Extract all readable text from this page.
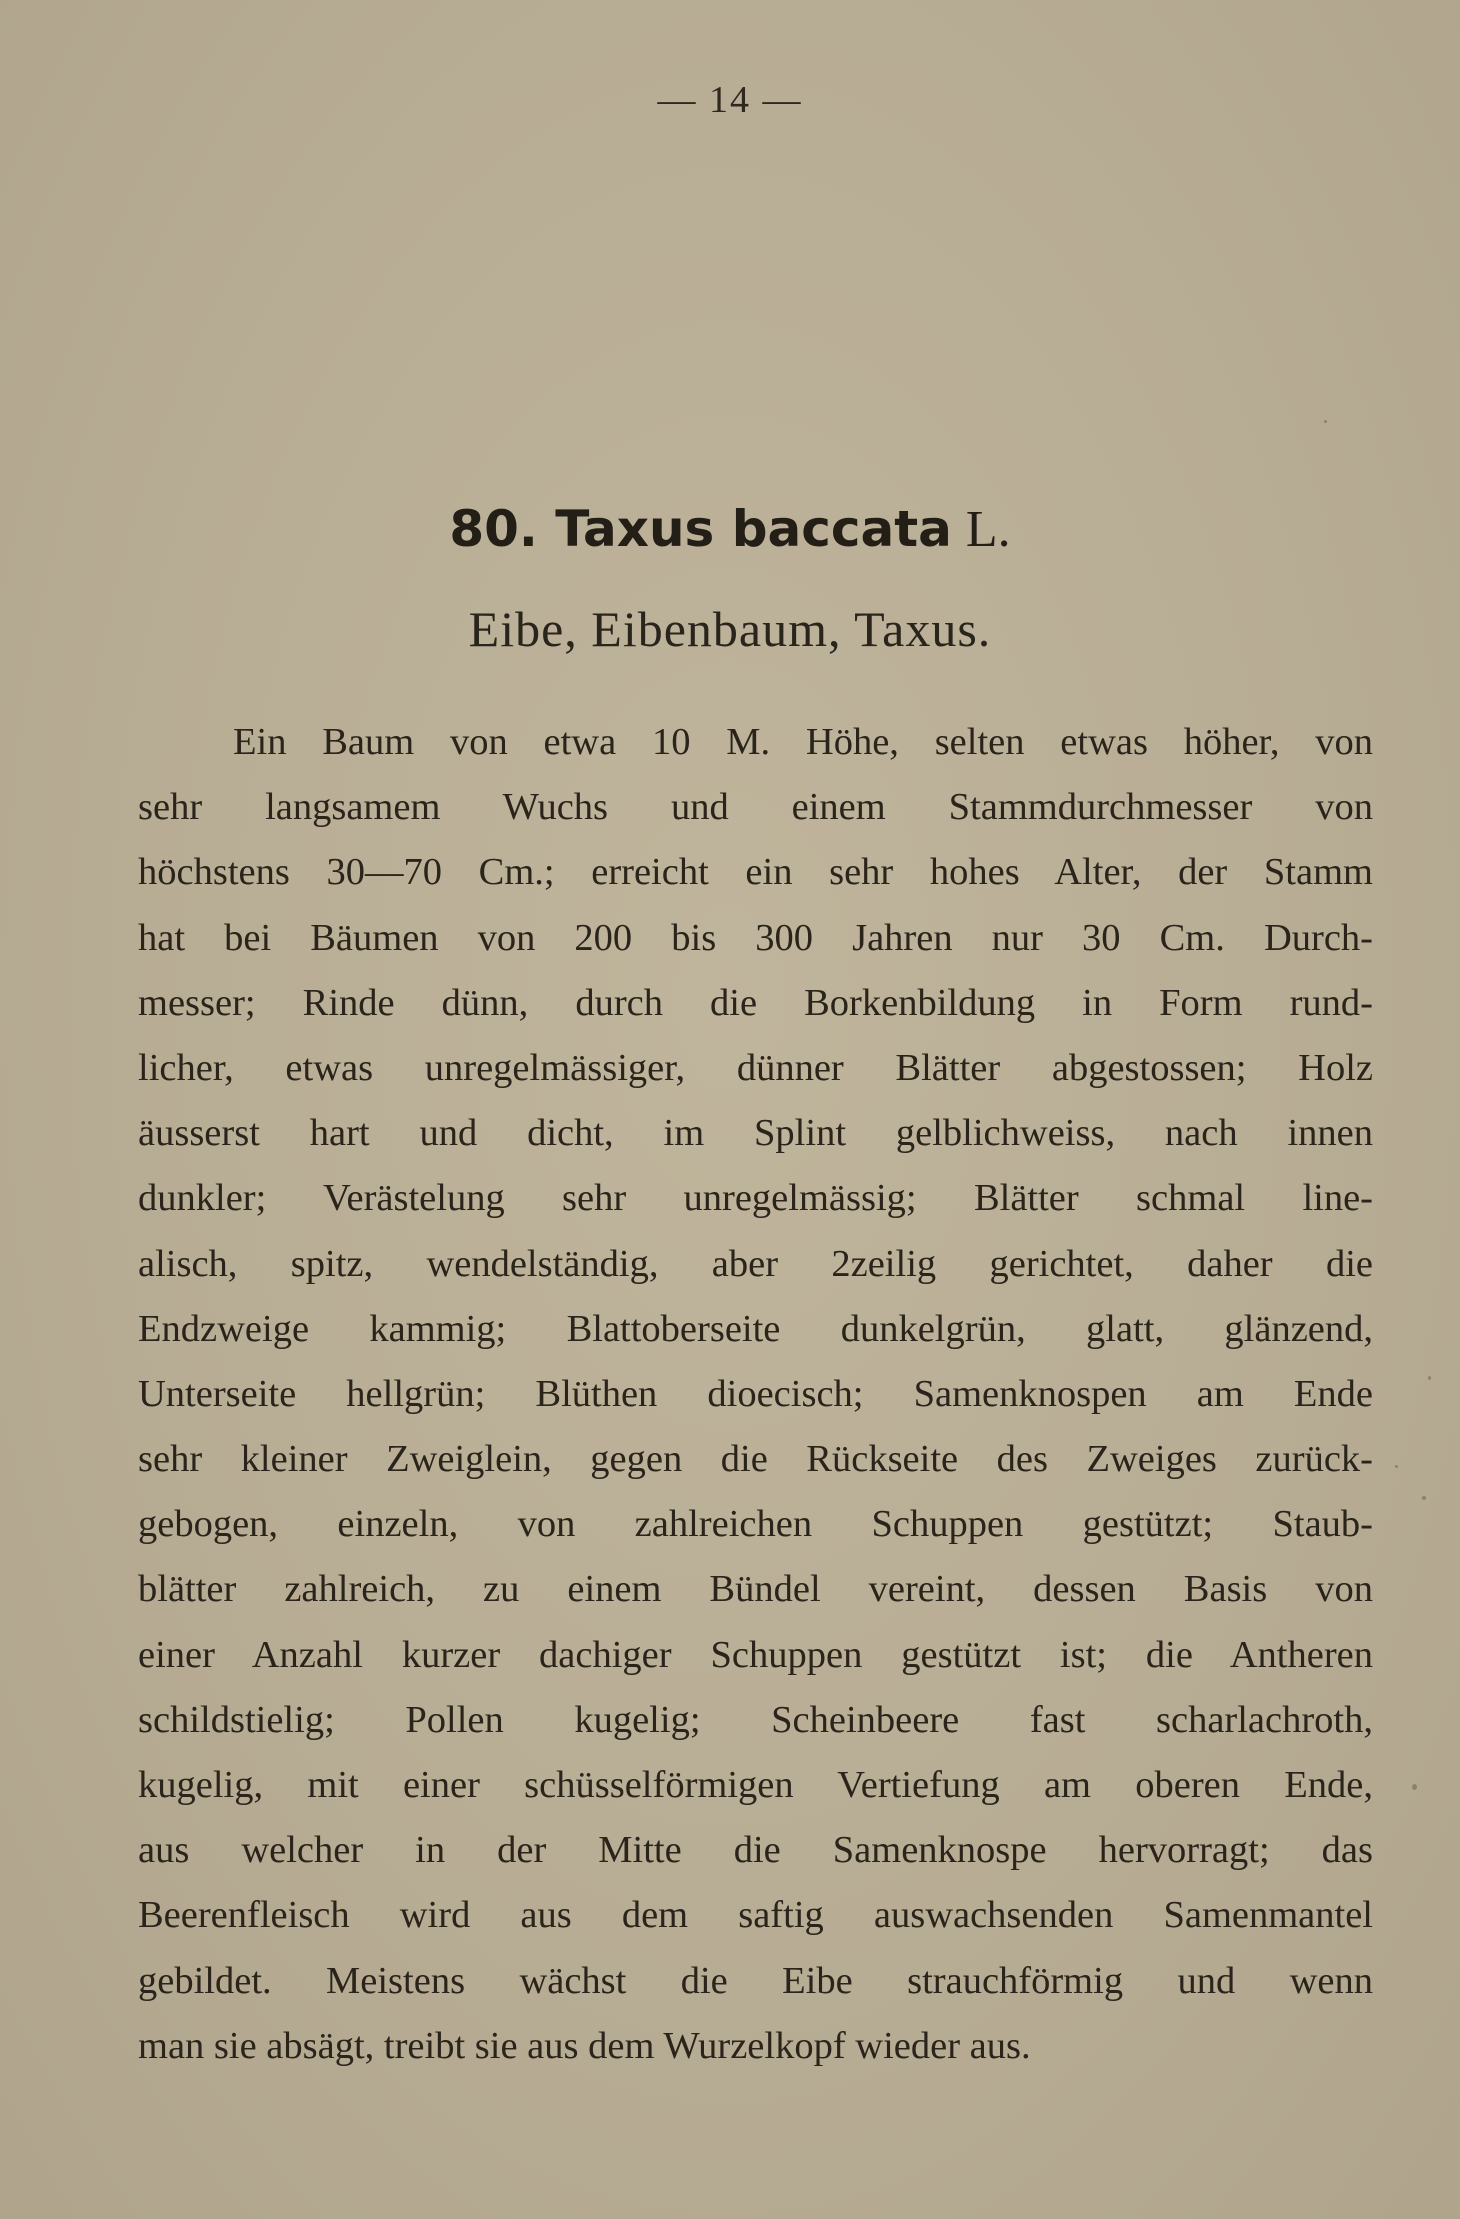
— 14 —
80. Taxus baccata L.
Eibe, Eibenbaum, Taxus.
Ein Baum von etwa 10 M. Höhe, selten etwas höher, von
sehr langsamem Wuchs und einem Stammdurchmesser von
höchstens 30—70 Cm.; erreicht ein sehr hohes Alter, der Stamm
hat bei Bäumen von 200 bis 300 Jahren nur 30 Cm. Durch-
messer; Rinde dünn, durch die Borkenbildung in Form rund-
licher, etwas unregelmässiger, dünner Blätter abgestossen; Holz
äusserst hart und dicht, im Splint gelblichweiss, nach innen
dunkler; Verästelung sehr unregelmässig; Blätter schmal line-
alisch, spitz, wendelständig, aber 2zeilig gerichtet, daher die
Endzweige kammig; Blattoberseite dunkelgrün, glatt, glänzend,
Unterseite hellgrün; Blüthen dioecisch; Samenknospen am Ende
sehr kleiner Zweiglein, gegen die Rückseite des Zweiges zurück-
gebogen, einzeln, von zahlreichen Schuppen gestützt; Staub-
blätter zahlreich, zu einem Bündel vereint, dessen Basis von
einer Anzahl kurzer dachiger Schuppen gestützt ist; die Antheren
schildstielig; Pollen kugelig; Scheinbeere fast scharlachroth,
kugelig, mit einer schüsselförmigen Vertiefung am oberen Ende,
aus welcher in der Mitte die Samenknospe hervorragt; das
Beerenfleisch wird aus dem saftig auswachsenden Samenmantel
gebildet. Meistens wächst die Eibe strauchförmig und wenn
man sie absägt, treibt sie aus dem Wurzelkopf wieder aus.
